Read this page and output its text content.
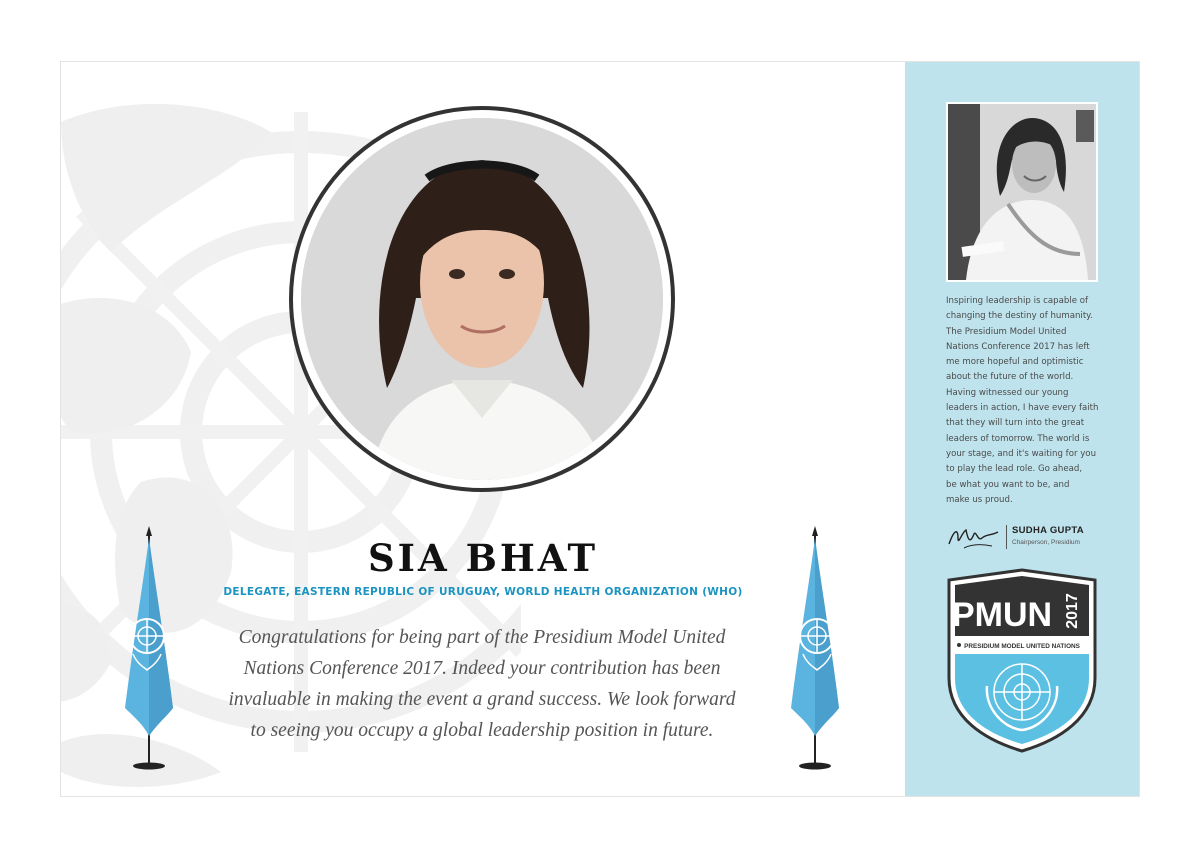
SIA BHAT
DELEGATE, EASTERN REPUBLIC OF URUGUAY, WORLD HEALTH ORGANIZATION (WHO)
Congratulations for being part of the Presidium Model United
Nations Conference 2017. Indeed your contribution has been
invaluable in making the event a grand success. We look forward
to seeing you occupy a global leadership position in future.
Inspiring leadership is capable of
changing the destiny of humanity.
The Presidium Model United
Nations Conference 2017 has left
me more hopeful and optimistic
about the future of the world.
Having witnessed our young
leaders in action, I have every faith
that they will turn into the great
leaders of tomorrow. The world is
your stage, and it's waiting for you
to play the lead role. Go ahead,
be what you want to be, and
make us proud.
SUDHA GUPTA
Chairperson, Presidium
PMUN 2017
PRESIDIUM MODEL UNITED NATIONS
